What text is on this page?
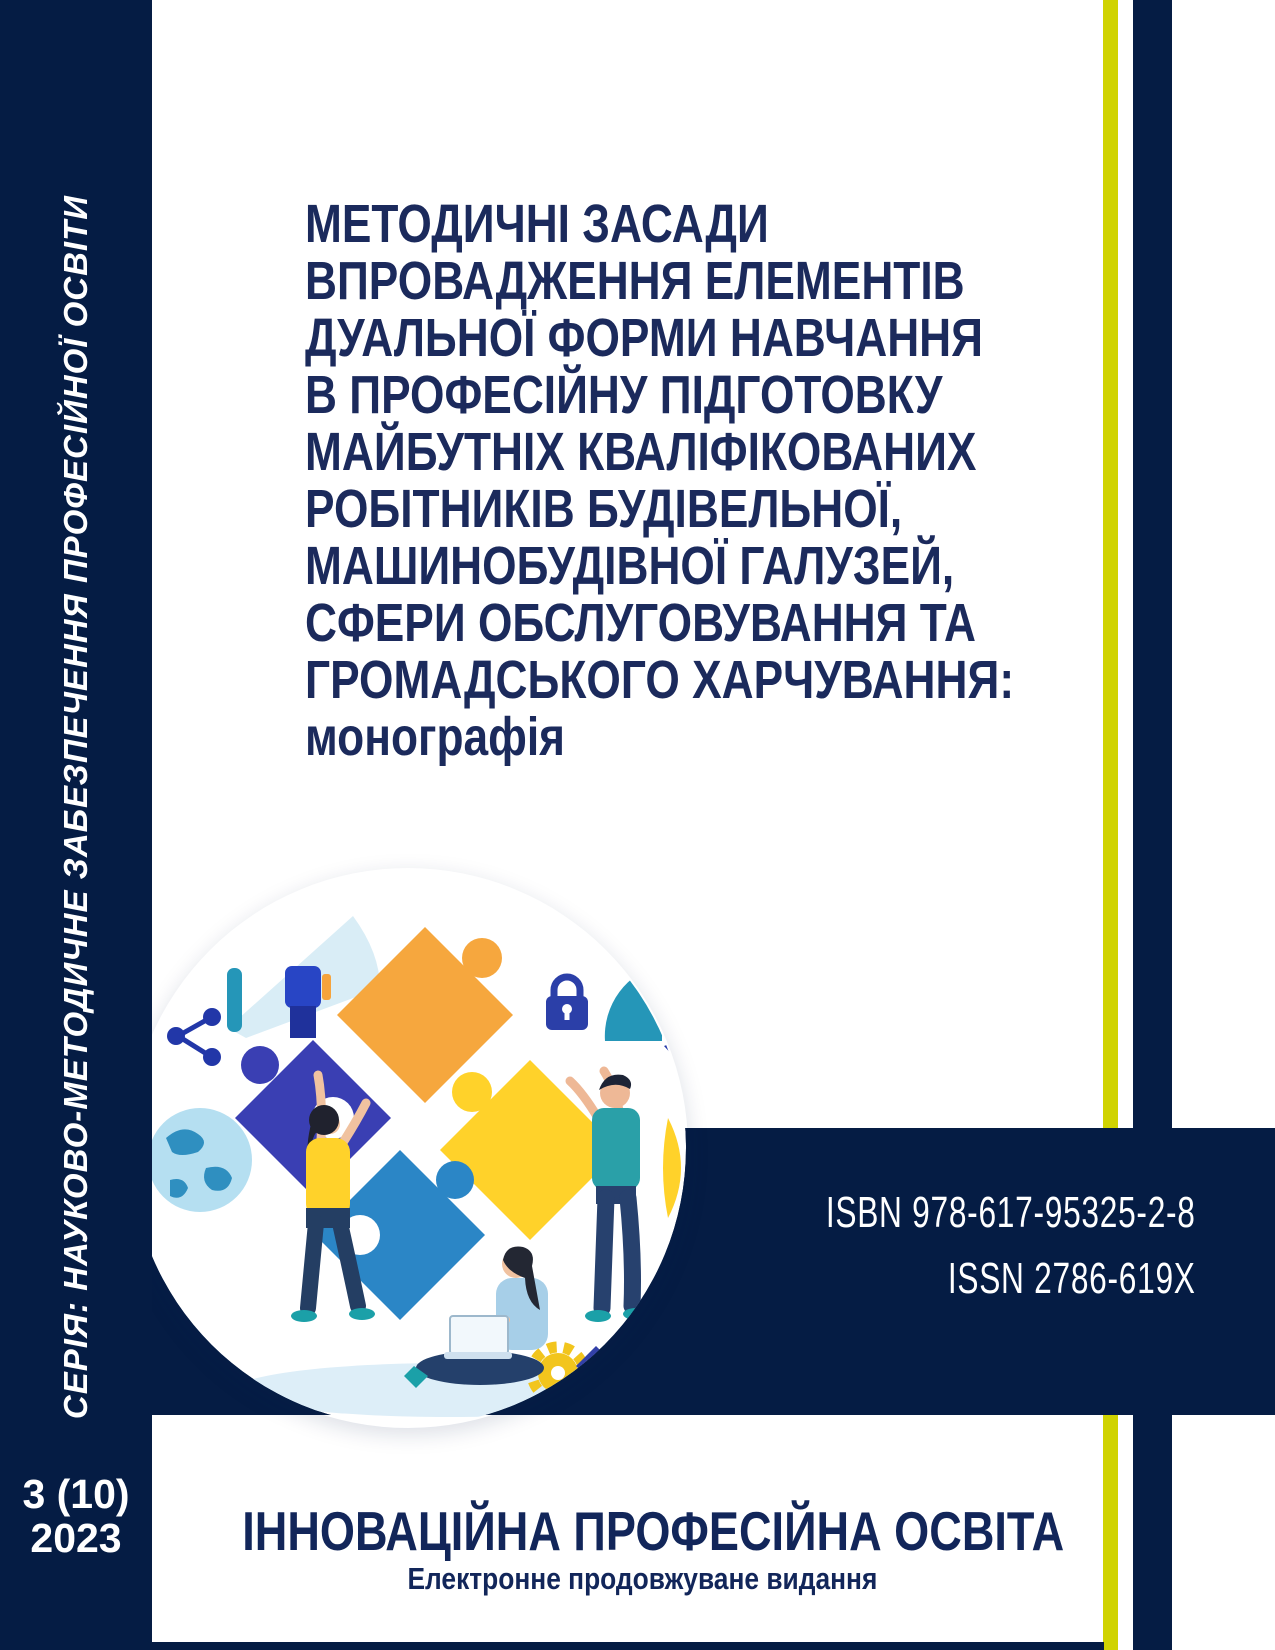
СЕРІЯ: НАУКОВО-МЕТОДИЧНЕ ЗАБЕЗПЕЧЕННЯ ПРОФЕСІЙНОЇ ОСВІТИ
3 (10)
2023
МЕТОДИЧНІ ЗАСАДИ
ВПРОВАДЖЕННЯ ЕЛЕМЕНТІВ
ДУАЛЬНОЇ ФОРМИ НАВЧАННЯ
В ПРОФЕСІЙНУ ПІДГОТОВКУ
МАЙБУТНІХ КВАЛІФІКОВАНИХ
РОБІТНИКІВ БУДІВЕЛЬНОЇ,
МАШИНОБУДІВНОЇ ГАЛУЗЕЙ,
СФЕРИ ОБСЛУГОВУВАННЯ ТА
ГРОМАДСЬКОГО ХАРЧУВАННЯ:
монографія
ISBN 978-617-95325-2-8
ISSN 2786-619X
ІННОВАЦІЙНА ПРОФЕСІЙНА ОСВІТА
Електронне продовжуване видання
